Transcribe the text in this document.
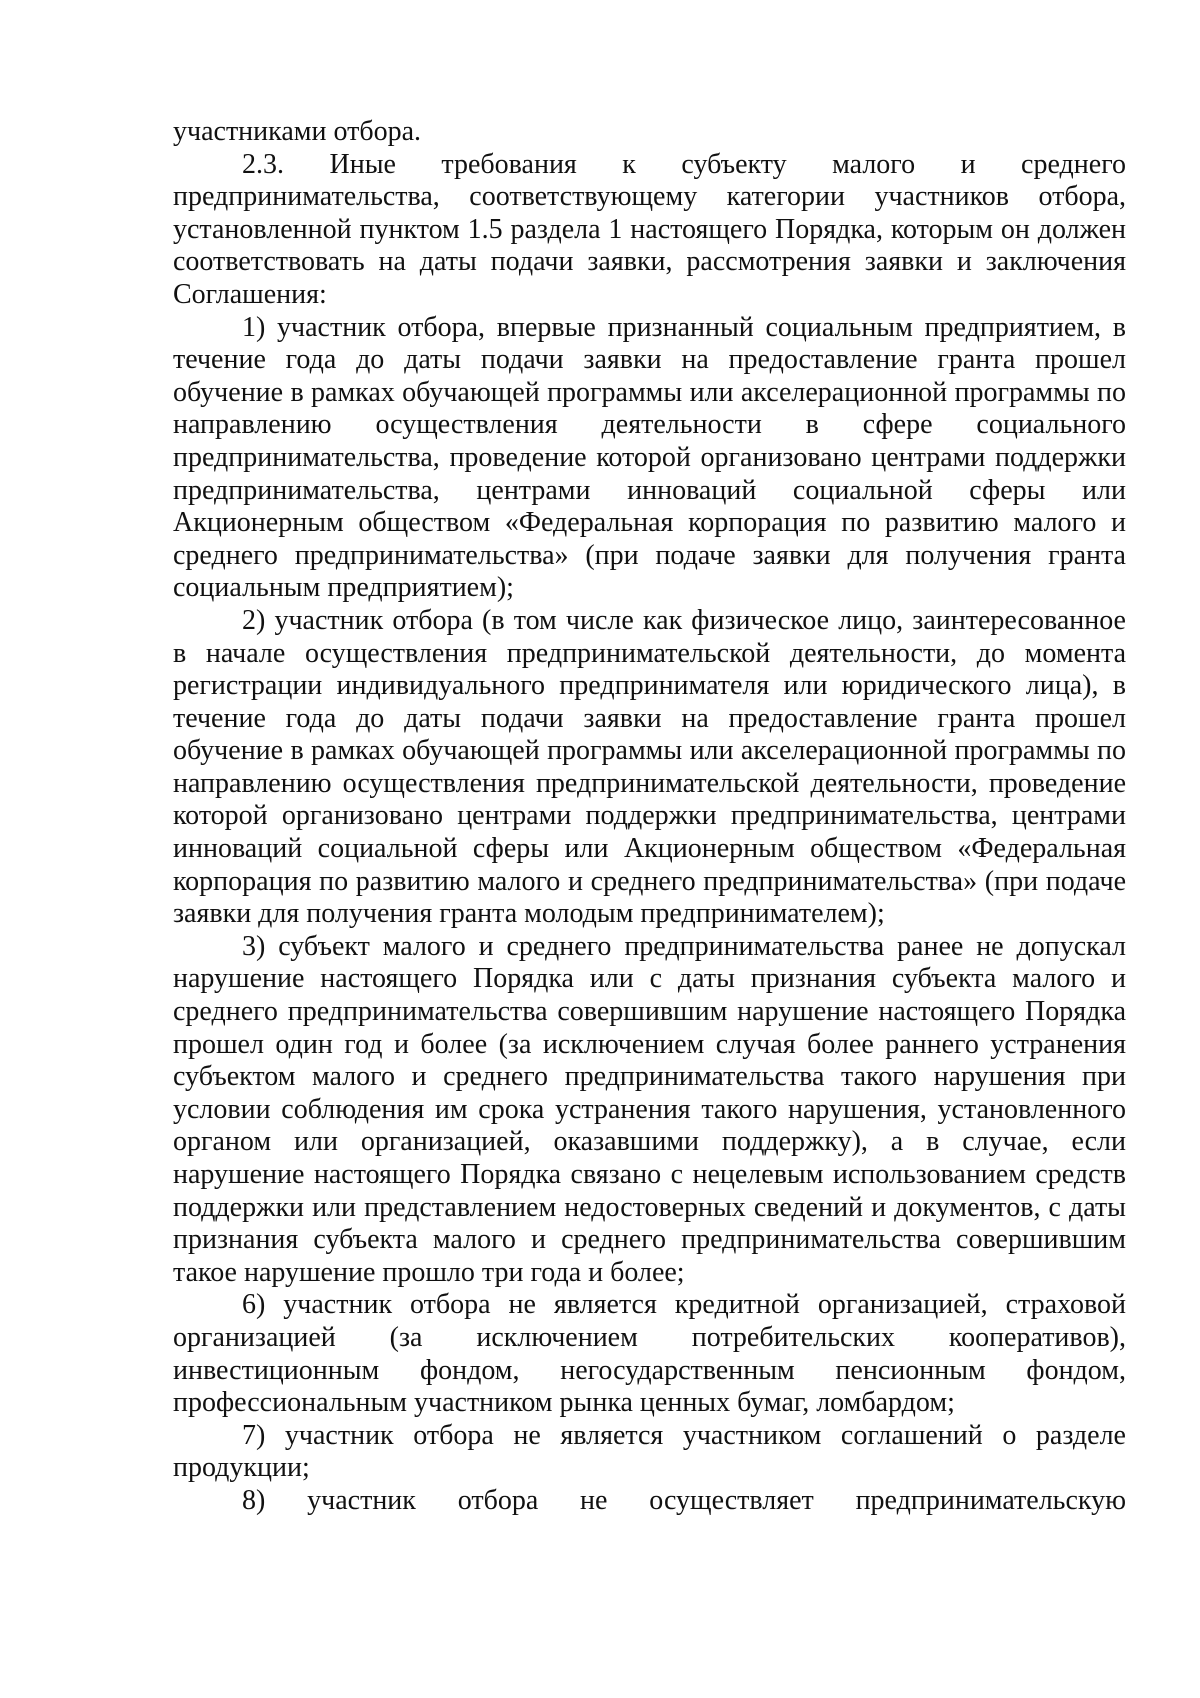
участниками отбора.

2.3. Иные требования к субъекту малого и среднего предпринимательства, соответствующему категории участников отбора, установленной пунктом 1.5 раздела 1 настоящего Порядка, которым он должен соответствовать на даты подачи заявки, рассмотрения заявки и заключения Соглашения:

1) участник отбора, впервые признанный социальным предприятием, в течение года до даты подачи заявки на предоставление гранта прошел обучение в рамках обучающей программы или акселерационной программы по направлению осуществления деятельности в сфере социального предпринимательства, проведение которой организовано центрами поддержки предпринимательства, центрами инноваций социальной сферы или Акционерным обществом «Федеральная корпорация по развитию малого и среднего предпринимательства» (при подаче заявки для получения гранта социальным предприятием);

2) участник отбора (в том числе как физическое лицо, заинтересованное в начале осуществления предпринимательской деятельности, до момента регистрации индивидуального предпринимателя или юридического лица), в течение года до даты подачи заявки на предоставление гранта прошел обучение в рамках обучающей программы или акселерационной программы по направлению осуществления предпринимательской деятельности, проведение которой организовано центрами поддержки предпринимательства, центрами инноваций социальной сферы или Акционерным обществом «Федеральная корпорация по развитию малого и среднего предпринимательства» (при подаче заявки для получения гранта молодым предпринимателем);

3) субъект малого и среднего предпринимательства ранее не допускал нарушение настоящего Порядка или с даты признания субъекта малого и среднего предпринимательства совершившим нарушение настоящего Порядка прошел один год и более (за исключением случая более раннего устранения субъектом малого и среднего предпринимательства такого нарушения при условии соблюдения им срока устранения такого нарушения, установленного органом или организацией, оказавшими поддержку), а в случае, если нарушение настоящего Порядка связано с нецелевым использованием средств поддержки или представлением недостоверных сведений и документов, с даты признания субъекта малого и среднего предпринимательства совершившим такое нарушение прошло три года и более;

6) участник отбора не является кредитной организацией, страховой организацией (за исключением потребительских кооперативов), инвестиционным фондом, негосударственным пенсионным фондом, профессиональным участником рынка ценных бумаг, ломбардом;

7) участник отбора не является участником соглашений о разделе продукции;

8) участник отбора не осуществляет предпринимательскую
